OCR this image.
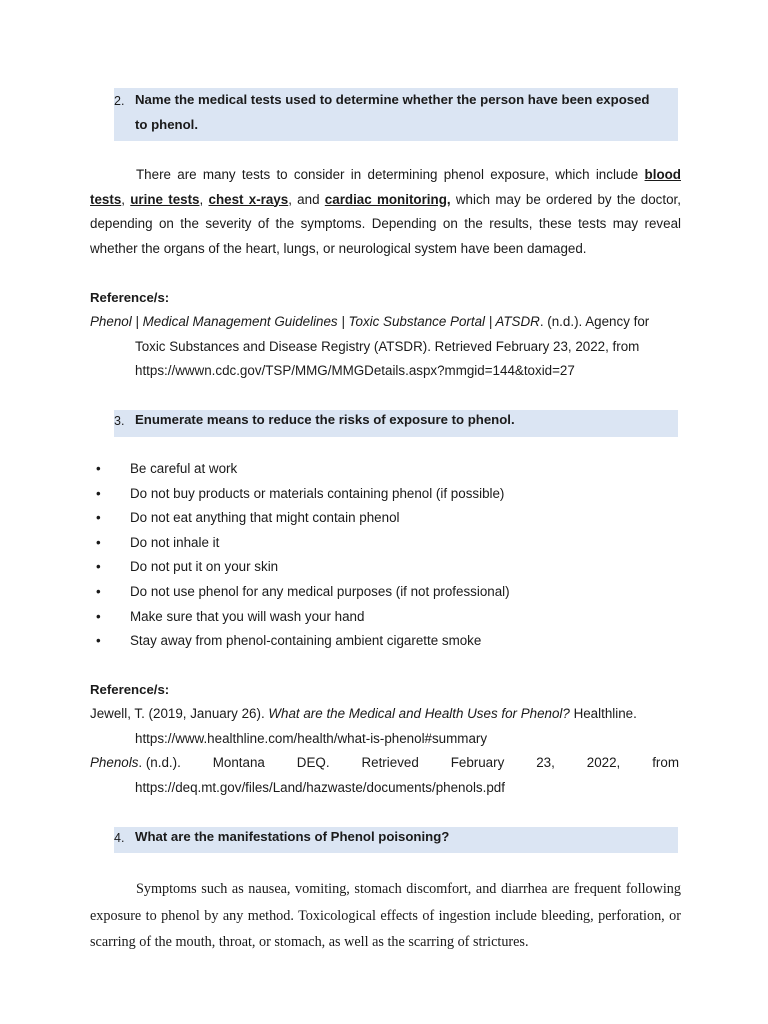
2. Name the medical tests used to determine whether the person have been exposed
to phenol.
There are many tests to consider in determining phenol exposure, which include blood tests, urine tests, chest x-rays, and cardiac monitoring, which may be ordered by the doctor, depending on the severity of the symptoms. Depending on the results, these tests may reveal whether the organs of the heart, lungs, or neurological system have been damaged.
Reference/s:
Phenol | Medical Management Guidelines | Toxic Substance Portal | ATSDR. (n.d.). Agency for
Toxic Substances and Disease Registry (ATSDR). Retrieved February 23, 2022, from
https://wwwn.cdc.gov/TSP/MMG/MMGDetails.aspx?mmgid=144&toxid=27
3. Enumerate means to reduce the risks of exposure to phenol.
• Be careful at work
• Do not buy products or materials containing phenol (if possible)
• Do not eat anything that might contain phenol
• Do not inhale it
• Do not put it on your skin
• Do not use phenol for any medical purposes (if not professional)
• Make sure that you will wash your hand
• Stay away from phenol-containing ambient cigarette smoke
Reference/s:
Jewell, T. (2019, January 26). What are the Medical and Health Uses for Phenol? Healthline.
https://www.healthline.com/health/what-is-phenol#summary
Phenols. (n.d.). Montana DEQ. Retrieved February 23, 2022, from
https://deq.mt.gov/files/Land/hazwaste/documents/phenols.pdf
4. What are the manifestations of Phenol poisoning?
Symptoms such as nausea, vomiting, stomach discomfort, and diarrhea are frequent following exposure to phenol by any method. Toxicological effects of ingestion include bleeding, perforation, or scarring of the mouth, throat, or stomach, as well as the scarring of strictures.
